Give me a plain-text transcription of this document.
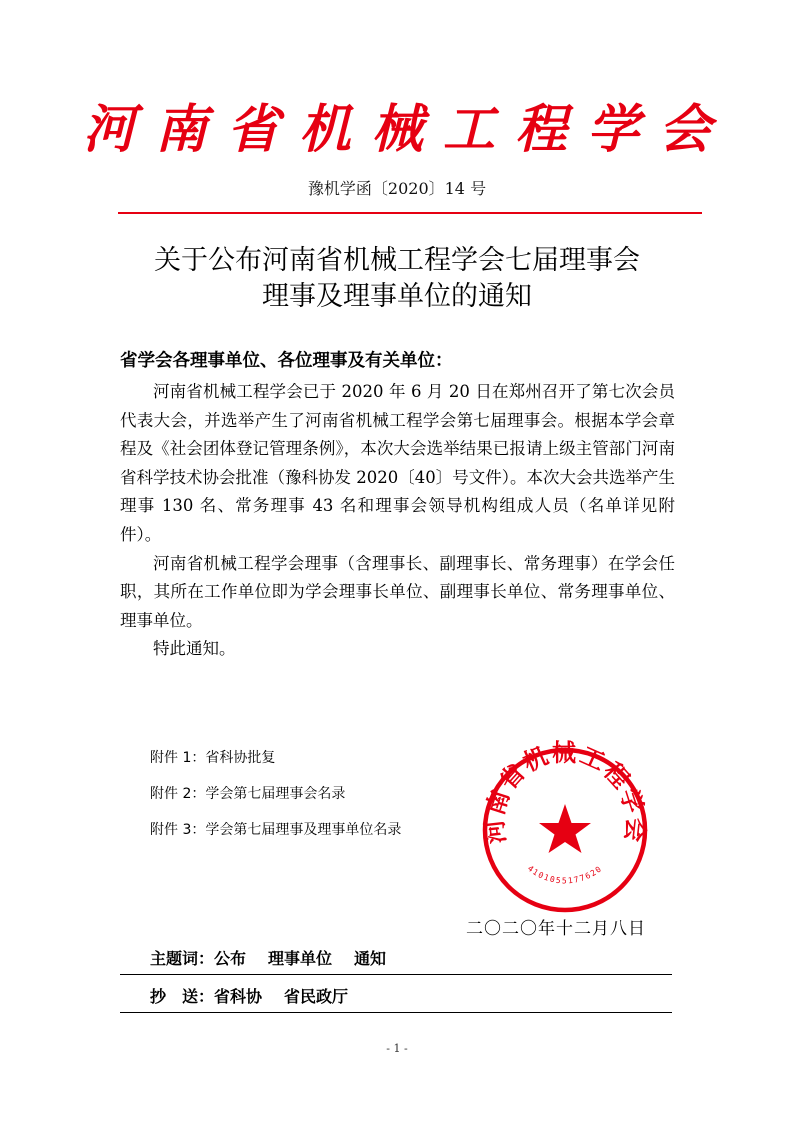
河南省机械工程学会
豫机学函〔2020〕14 号
关于公布河南省机械工程学会七届理事会
理事及理事单位的通知
省学会各理事单位、各位理事及有关单位：

河南省机械工程学会已于 2020 年 6 月 20 日在郑州召开了第七次会员代表大会，并选举产生了河南省机械工程学会第七届理事会。根据本学会章程及《社会团体登记管理条例》，本次大会选举结果已报请上级主管部门河南省科学技术协会批准（豫科协发 2020〔40〕号文件）。本次大会共选举产生理事 130 名、常务理事 43 名和理事会领导机构组成人员（名单详见附件）。

河南省机械工程学会理事（含理事长、副理事长、常务理事）在学会任职，其所在工作单位即为学会理事长单位、副理事长单位、常务理事单位、理事单位。

特此通知。

附件 1：省科协批复
附件 2：学会第七届理事会名录
附件 3：学会第七届理事及理事单位名录	河南省机械工程学会
4101055177620
二〇二〇年十二月八日
主题词：公布 理事单位 通知
抄　送：省科协 省民政厅
- 1 -
